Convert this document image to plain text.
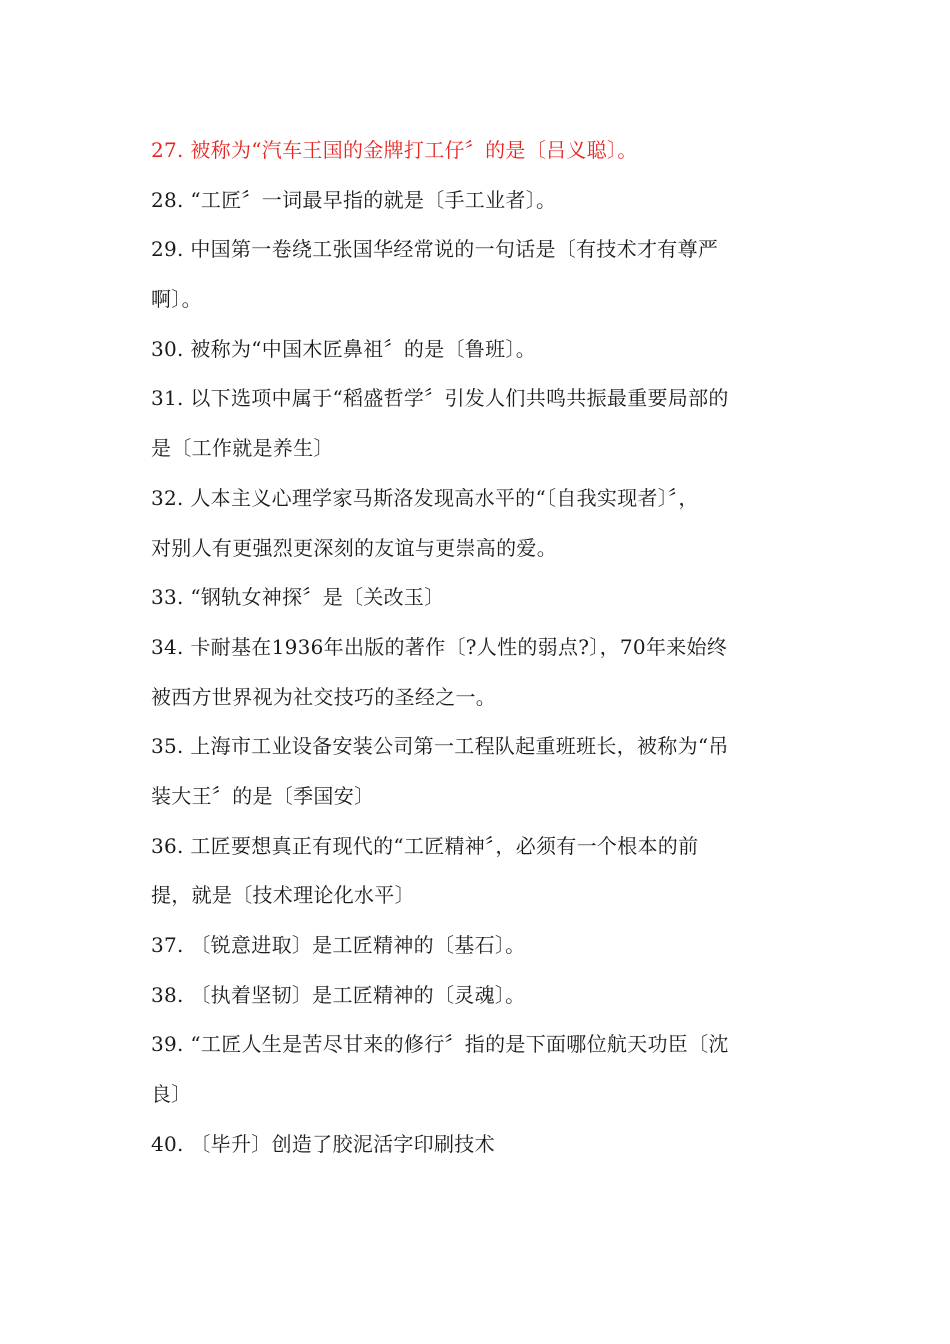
27. 被称为“汽车王国的金牌打工仔〞的是〔吕义聪〕。
28. “工匠〞一词最早指的就是〔手工业者〕。
29. 中国第一卷绕工张国华经常说的一句话是〔有技术才有尊严
啊〕。
30. 被称为“中国木匠鼻祖〞的是〔鲁班〕。
31. 以下选项中属于“稻盛哲学〞引发人们共鸣共振最重要局部的
是〔工作就是养生〕
32. 人本主义心理学家马斯洛发现高水平的“〔自我实现者〕〞，
对别人有更强烈更深刻的友谊与更崇高的爱。
33. “钢轨女神探〞是〔关改玉〕
34. 卡耐基在1936年出版的著作〔?人性的弱点?〕，70年来始终
被西方世界视为社交技巧的圣经之一。
35. 上海市工业设备安装公司第一工程队起重班班长，被称为“吊
装大王〞的是〔季国安〕
36. 工匠要想真正有现代的“工匠精神〞，必须有一个根本的前
提，就是〔技术理论化水平〕
37. 〔锐意进取〕是工匠精神的〔基石〕。
38. 〔执着坚韧〕是工匠精神的〔灵魂〕。
39. “工匠人生是苦尽甘来的修行〞指的是下面哪位航天功臣〔沈
良〕
40. 〔毕升〕创造了胶泥活字印刷技术
